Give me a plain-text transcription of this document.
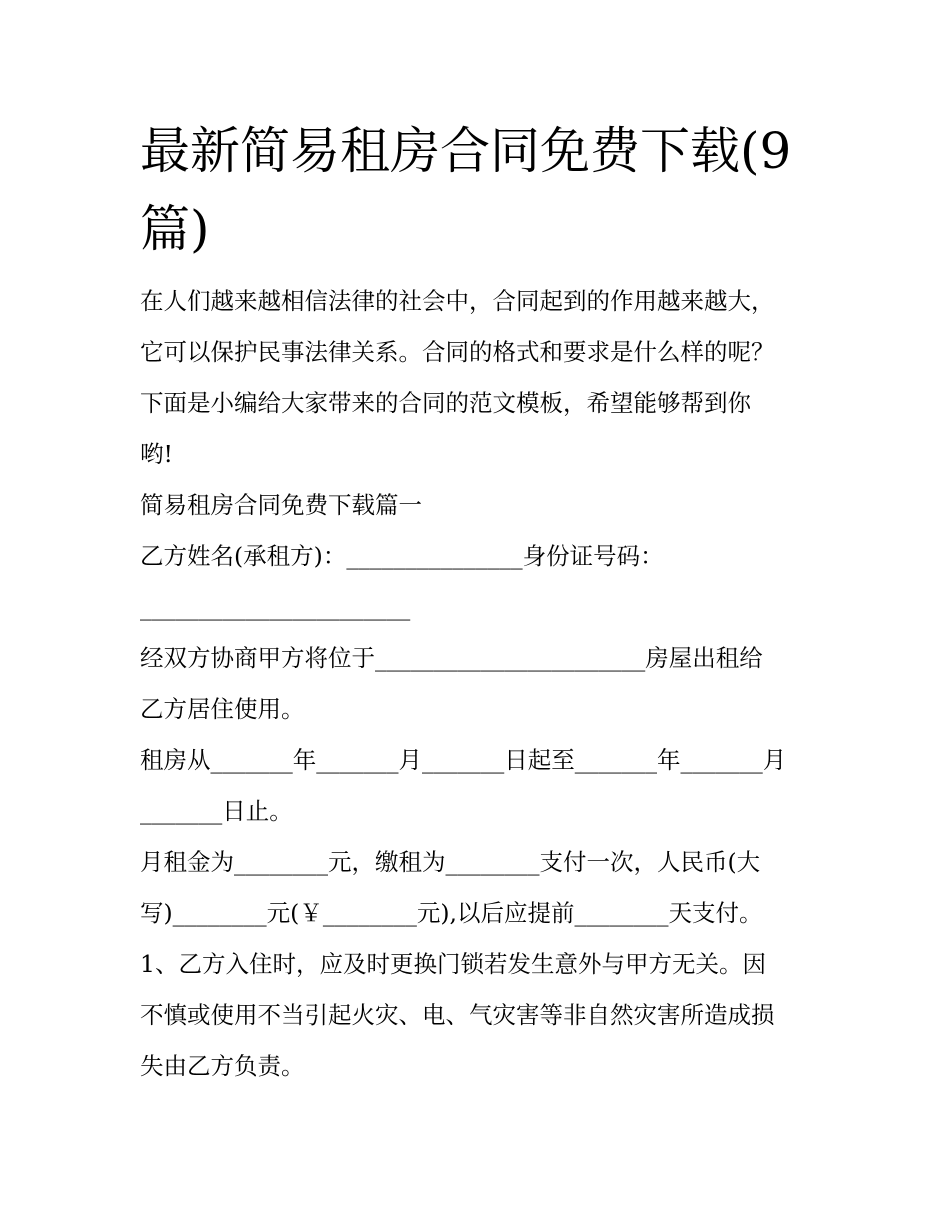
最新简易租房合同免费下载(9
篇)

在人们越来越相信法律的社会中，合同起到的作用越来越大，

它可以保护民事法律关系。合同的格式和要求是什么样的呢？

下面是小编给大家带来的合同的范文模板，希望能够帮到你

哟!

简易租房合同免费下载篇一

乙方姓名(承租方)：_______________身份证号码：

_______________________

经双方协商甲方将位于_______________________房屋出租给

乙方居住使用。

租房从_______年_______月_______日起至_______年_______月

_______日止。

月租金为________元，缴租为________支付一次，人民币(大

写)________元(￥________元),以后应提前________天支付。

1、乙方入住时，应及时更换门锁若发生意外与甲方无关。因

不慎或使用不当引起火灾、电、气灾害等非自然灾害所造成损

失由乙方负责。
